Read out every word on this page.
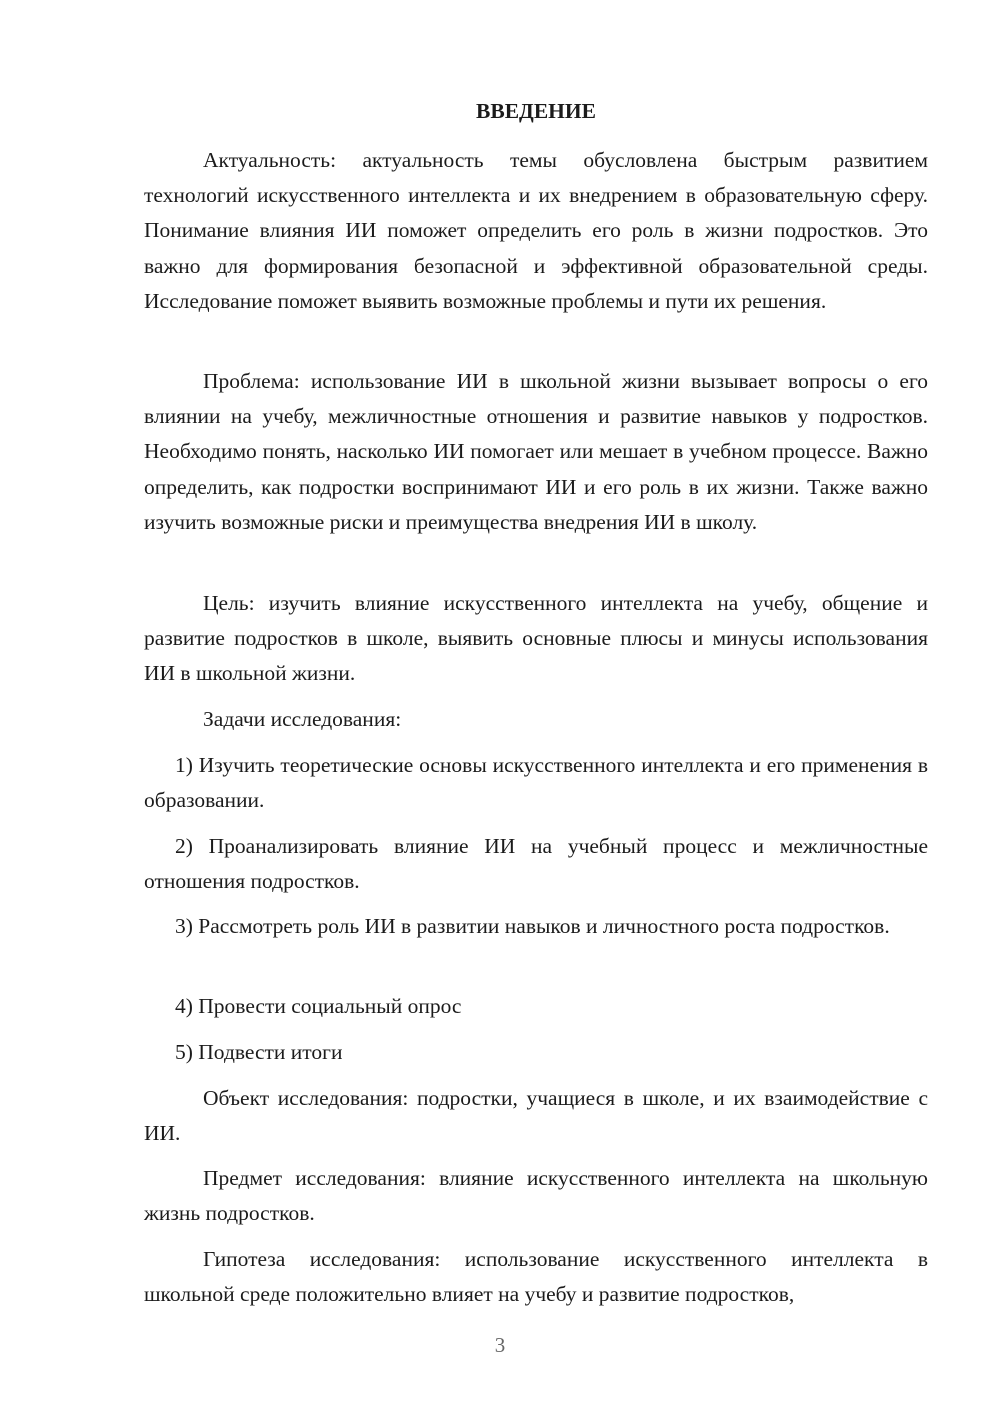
ВВЕДЕНИЕ

Актуальность: актуальность темы обусловлена быстрым развитием технологий искусственного интеллекта и их внедрением в образовательную сферу. Понимание влияния ИИ поможет определить его роль в жизни подростков. Это важно для формирования безопасной и эффективной образовательной среды. Исследование поможет выявить возможные проблемы и пути их решения.

Проблема: использование ИИ в школьной жизни вызывает вопросы о его влиянии на учебу, межличностные отношения и развитие навыков у подростков. Необходимо понять, насколько ИИ помогает или мешает в учебном процессе. Важно определить, как подростки воспринимают ИИ и его роль в их жизни. Также важно изучить возможные риски и преимущества внедрения ИИ в школу.

Цель: изучить влияние искусственного интеллекта на учебу, общение и развитие подростков в школе, выявить основные плюсы и минусы использования ИИ в школьной жизни.

Задачи исследования:

1) Изучить теоретические основы искусственного интеллекта и его применения в образовании.

2) Проанализировать влияние ИИ на учебный процесс и межличностные отношения подростков.

3) Рассмотреть роль ИИ в развитии навыков и личностного роста подростков.

4) Провести социальный опрос

5) Подвести итоги

Объект исследования: подростки, учащиеся в школе, и их взаимодействие с ИИ.

Предмет исследования: влияние искусственного интеллекта на школьную жизнь подростков.

Гипотеза исследования: использование искусственного интеллекта в школьной среде положительно влияет на учебу и развитие подростков,

3
